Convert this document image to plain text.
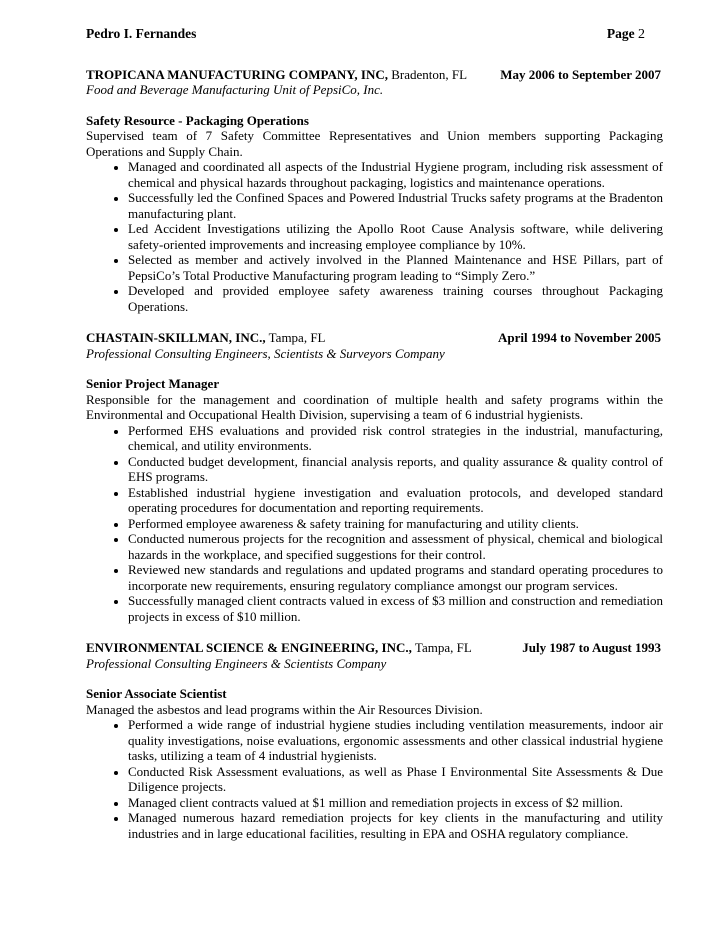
Pedro I. Fernandes	Page 2
TROPICANA MANUFACTURING COMPANY, INC, Bradenton, FL	May 2006 to September 2007
Food and Beverage Manufacturing Unit of PepsiCo, Inc.
Safety Resource - Packaging Operations
Supervised team of 7 Safety Committee Representatives and Union members supporting Packaging Operations and Supply Chain.
• Managed and coordinated all aspects of the Industrial Hygiene program, including risk assessment of chemical and physical hazards throughout packaging, logistics and maintenance operations.
• Successfully led the Confined Spaces and Powered Industrial Trucks safety programs at the Bradenton manufacturing plant.
• Led Accident Investigations utilizing the Apollo Root Cause Analysis software, while delivering safety-oriented improvements and increasing employee compliance by 10%.
• Selected as member and actively involved in the Planned Maintenance and HSE Pillars, part of PepsiCo’s Total Productive Manufacturing program leading to “Simply Zero.”
• Developed and provided employee safety awareness training courses throughout Packaging Operations.
CHASTAIN-SKILLMAN, INC., Tampa, FL	April 1994 to November 2005
Professional Consulting Engineers, Scientists & Surveyors Company
Senior Project Manager
Responsible for the management and coordination of multiple health and safety programs within the Environmental and Occupational Health Division, supervising a team of 6 industrial hygienists.
• Performed EHS evaluations and provided risk control strategies in the industrial, manufacturing, chemical, and utility environments.
• Conducted budget development, financial analysis reports, and quality assurance & quality control of EHS programs.
• Established industrial hygiene investigation and evaluation protocols, and developed standard operating procedures for documentation and reporting requirements.
• Performed employee awareness & safety training for manufacturing and utility clients.
• Conducted numerous projects for the recognition and assessment of physical, chemical and biological hazards in the workplace, and specified suggestions for their control.
• Reviewed new standards and regulations and updated programs and standard operating procedures to incorporate new requirements, ensuring regulatory compliance amongst our program services.
• Successfully managed client contracts valued in excess of $3 million and construction and remediation projects in excess of $10 million.
ENVIRONMENTAL SCIENCE & ENGINEERING, INC., Tampa, FL	July 1987 to August 1993
Professional Consulting Engineers & Scientists Company
Senior Associate Scientist
Managed the asbestos and lead programs within the Air Resources Division.
• Performed a wide range of industrial hygiene studies including ventilation measurements, indoor air quality investigations, noise evaluations, ergonomic assessments and other classical industrial hygiene tasks, utilizing a team of 4 industrial hygienists.
• Conducted Risk Assessment evaluations, as well as Phase I Environmental Site Assessments & Due Diligence projects.
• Managed client contracts valued at $1 million and remediation projects in excess of $2 million.
• Managed numerous hazard remediation projects for key clients in the manufacturing and utility industries and in large educational facilities, resulting in EPA and OSHA regulatory compliance.
